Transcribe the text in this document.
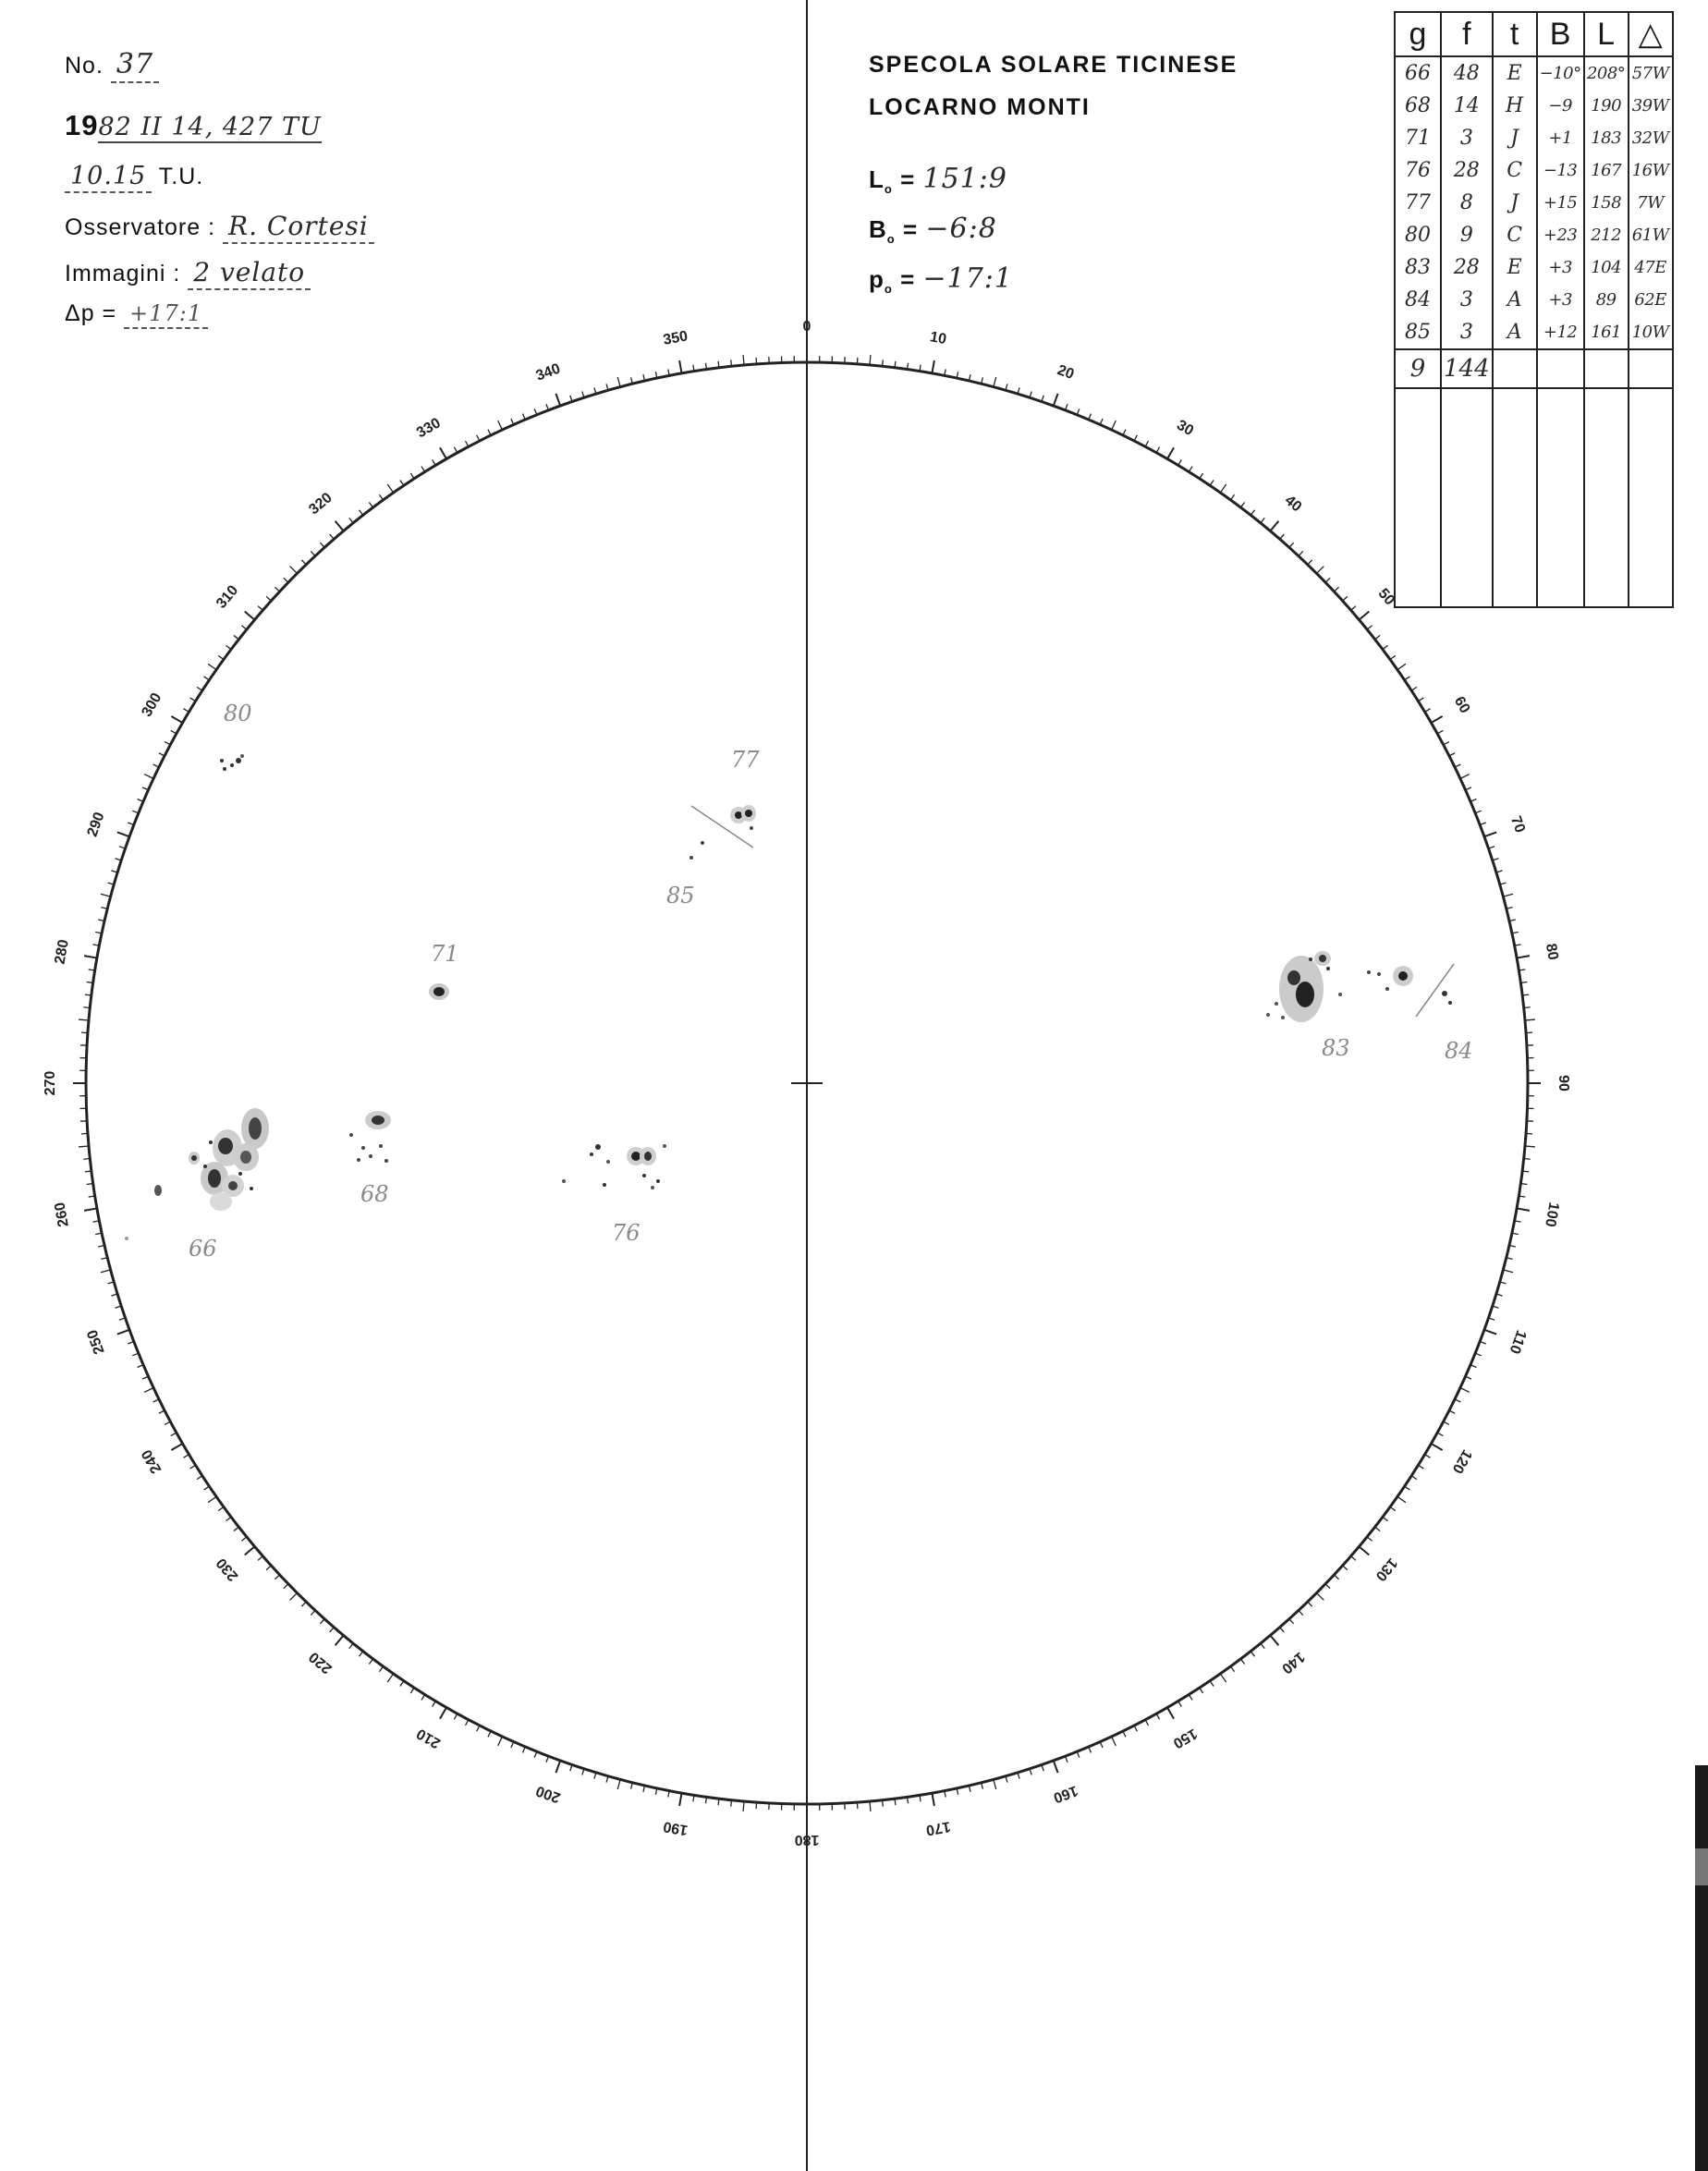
No. 37
1982 II 14, 427 TU
10.15 T.U.
Osservatore : R. Cortesi
Immagini : 2 velato
Δp = +17:1
SPECOLA SOLARE TICINESE
LOCARNO MONTI
$L_o$ = 151:9
$B_o$ = −6:8
$p_o$ = −17:1
g	f	t	B	L	△
66	48	E	−10°	208°	57W
68	14	H	−9	190	39W
71	3	J	+1	183	32W
76	28	C	−13	167	16W
77	8	J	+15	158	7W
80	9	C	+23	212	61W
83	28	E	+3	104	47E
84	3	A	+3	89	62E
85	3	A	+12	161	10W
9	144				

0
10
20
30
40
50
60
70
80
90
100
110
120
130
140
150
160
170
180
190
200
210
220
230
240
250
260
270
280
290
300
310
320
330
340
350
66
68
71
76
77
80
83	84
85
